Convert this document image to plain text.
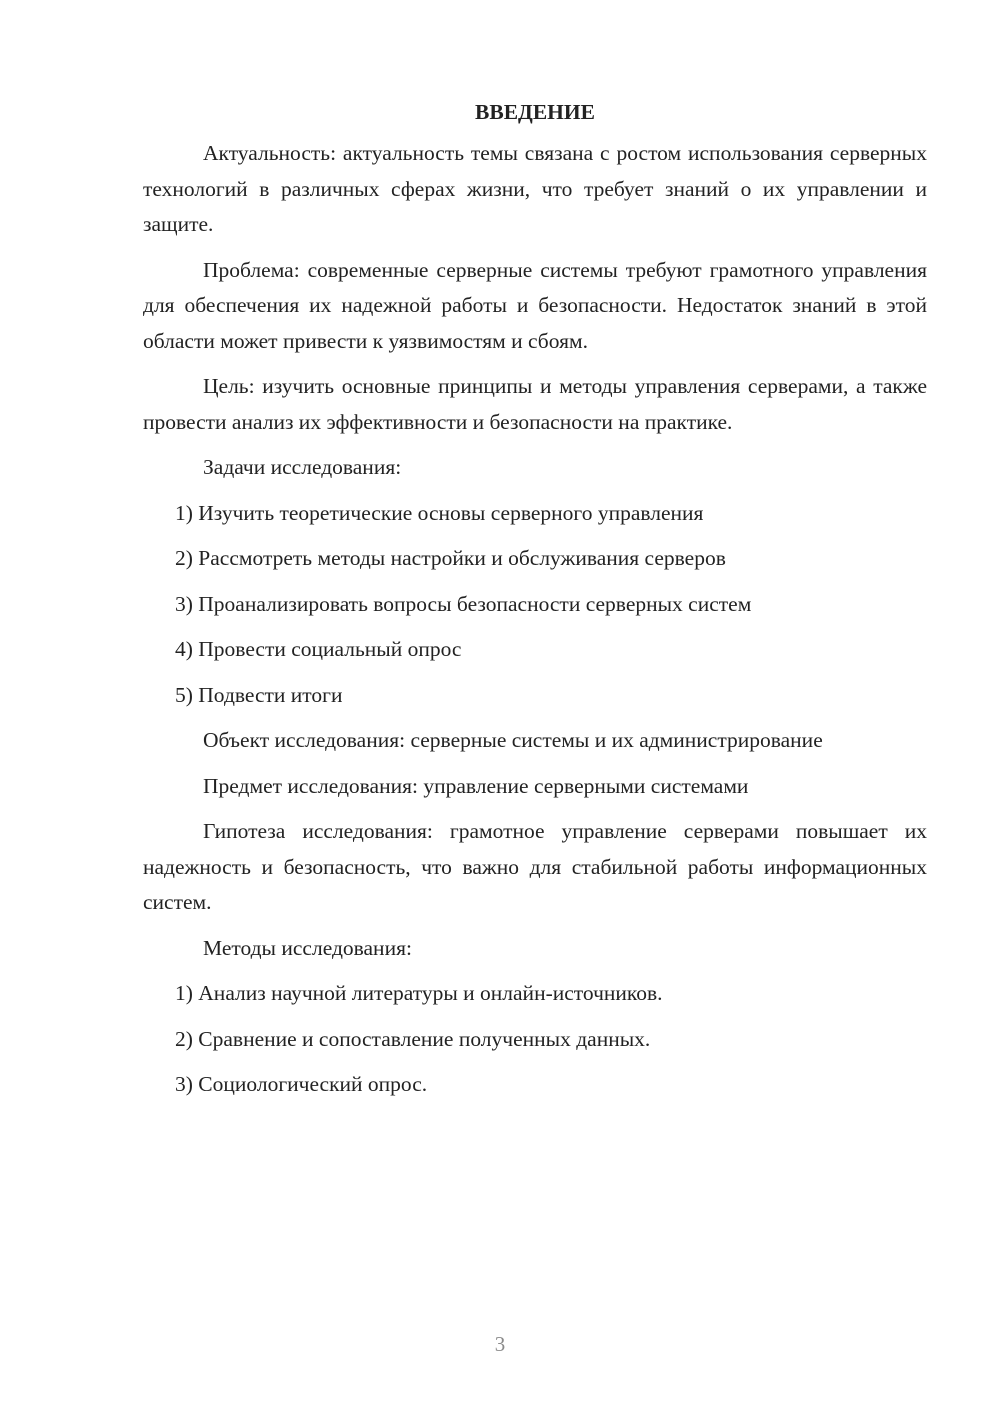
ВВЕДЕНИЕ

Актуальность: актуальность темы связана с ростом использования серверных технологий в различных сферах жизни, что требует знаний о их управлении и защите.

Проблема: современные серверные системы требуют грамотного управления для обеспечения их надежной работы и безопасности. Недостаток знаний в этой области может привести к уязвимостям и сбоям.

Цель: изучить основные принципы и методы управления серверами, а также провести анализ их эффективности и безопасности на практике.

Задачи исследования:
1) Изучить теоретические основы серверного управления
2) Рассмотреть методы настройки и обслуживания серверов
3) Проанализировать вопросы безопасности серверных систем
4) Провести социальный опрос
5) Подвести итоги
Объект исследования: серверные системы и их администрирование
Предмет исследования: управление серверными системами

Гипотеза исследования: грамотное управление серверами повышает их надежность и безопасность, что важно для стабильной работы информационных систем.

Методы исследования:
1) Анализ научной литературы и онлайн-источников.
2) Сравнение и сопоставление полученных данных.
3) Социологический опрос.
3
